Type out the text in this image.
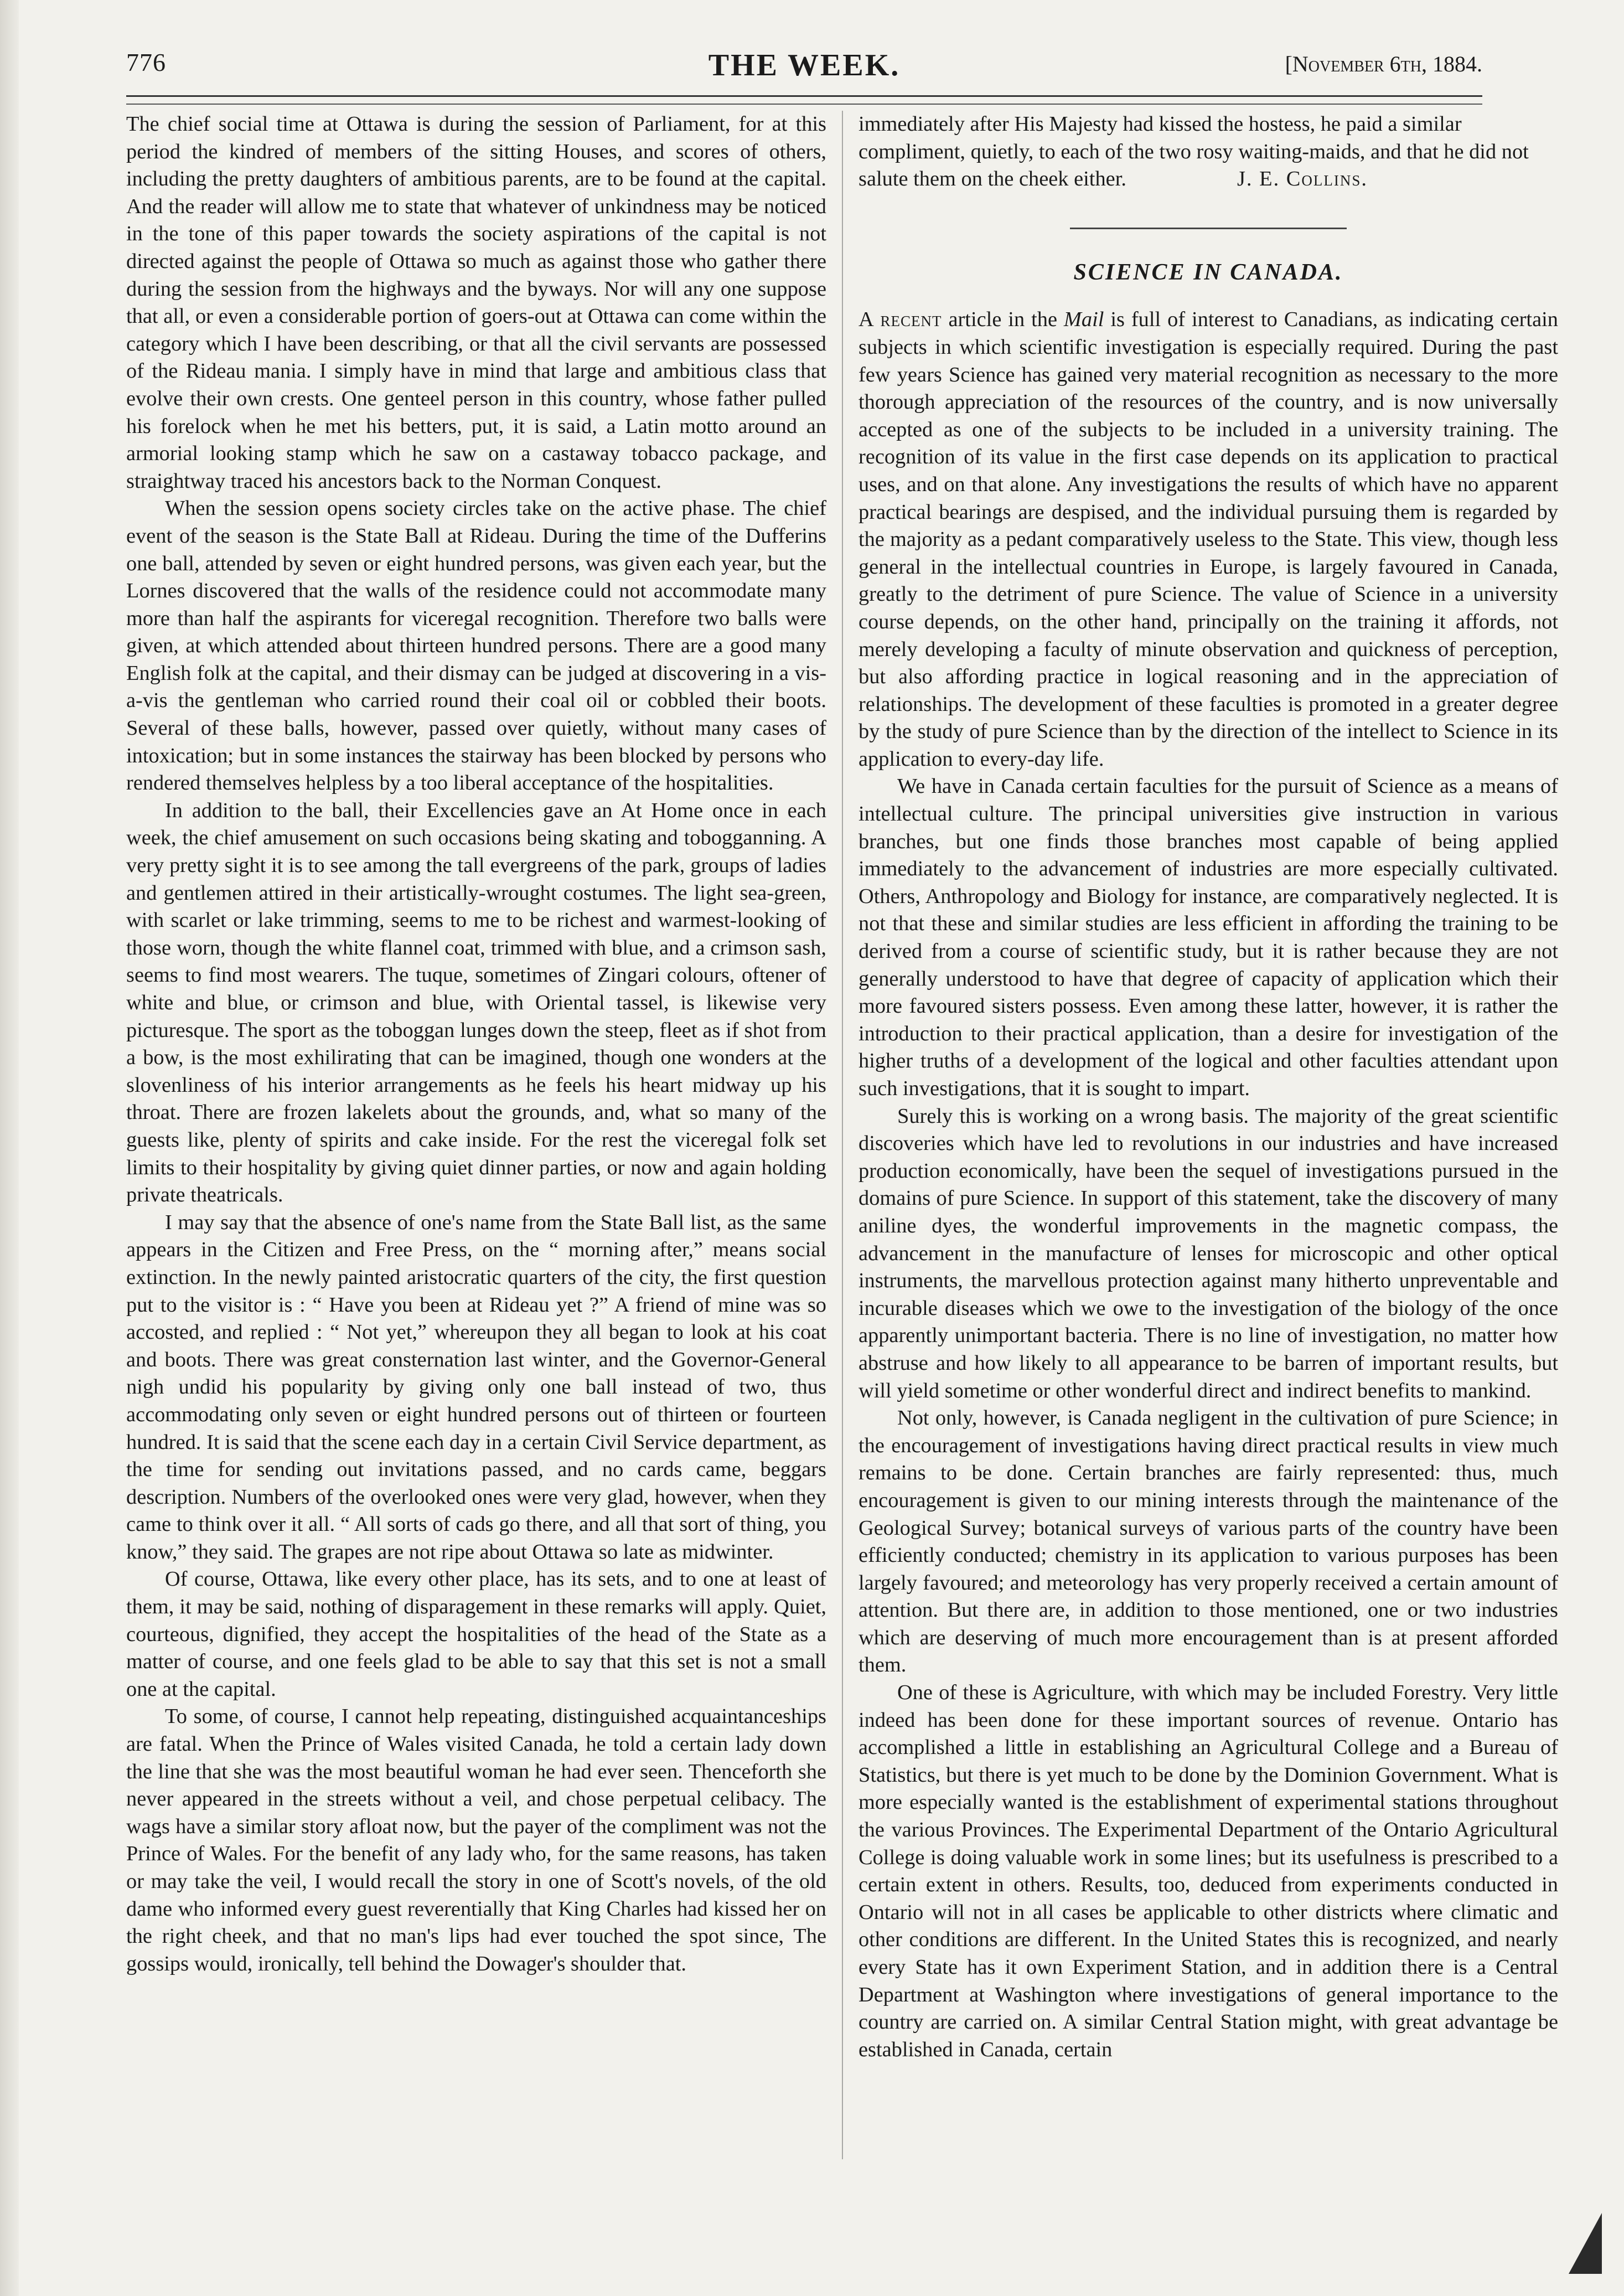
776	THE WEEK.	[November 6th, 1884.

The chief social time at Ottawa is during the session of Parliament, for at this period the kindred of members of the sitting Houses, and scores of others, including the pretty daughters of ambitious parents, are to be found at the capital. And the reader will allow me to state that whatever of unkindness may be noticed in the tone of this paper towards the society aspirations of the capital is not directed against the people of Ottawa so much as against those who gather there during the session from the highways and the byways. Nor will any one suppose that all, or even a considerable portion of goers-out at Ottawa can come within the category which I have been describing, or that all the civil servants are possessed of the Rideau mania. I simply have in mind that large and ambitious class that evolve their own crests. One genteel person in this country, whose father pulled his forelock when he met his betters, put, it is said, a Latin motto around an armorial looking stamp which he saw on a castaway tobacco package, and straightway traced his ancestors back to the Norman Conquest.

When the session opens society circles take on the active phase. The chief event of the season is the State Ball at Rideau. During the time of the Dufferins one ball, attended by seven or eight hundred persons, was given each year, but the Lornes discovered that the walls of the residence could not accommodate many more than half the aspirants for viceregal recognition. Therefore two balls were given, at which attended about thirteen hundred persons. There are a good many English folk at the capital, and their dismay can be judged at discovering in a vis-a-vis the gentleman who carried round their coal oil or cobbled their boots. Several of these balls, however, passed over quietly, without many cases of intoxication; but in some instances the stairway has been blocked by persons who rendered themselves helpless by a too liberal acceptance of the hospitalities.

In addition to the ball, their Excellencies gave an At Home once in each week, the chief amusement on such occasions being skating and tobogganning. A very pretty sight it is to see among the tall evergreens of the park, groups of ladies and gentlemen attired in their artistically-wrought costumes. The light sea-green, with scarlet or lake trimming, seems to me to be richest and warmest-looking of those worn, though the white flannel coat, trimmed with blue, and a crimson sash, seems to find most wearers. The tuque, sometimes of Zingari colours, oftener of white and blue, or crimson and blue, with Oriental tassel, is likewise very picturesque. The sport as the toboggan lunges down the steep, fleet as if shot from a bow, is the most exhilirating that can be imagined, though one wonders at the slovenliness of his interior arrangements as he feels his heart midway up his throat. There are frozen lakelets about the grounds, and, what so many of the guests like, plenty of spirits and cake inside. For the rest the viceregal folk set limits to their hospitality by giving quiet dinner parties, or now and again holding private theatricals.

I may say that the absence of one's name from the State Ball list, as the same appears in the Citizen and Free Press, on the “ morning after,” means social extinction. In the newly painted aristocratic quarters of the city, the first question put to the visitor is : “ Have you been at Rideau yet ?” A friend of mine was so accosted, and replied : “ Not yet,” whereupon they all began to look at his coat and boots. There was great consternation last winter, and the Governor-General nigh undid his popularity by giving only one ball instead of two, thus accommodating only seven or eight hundred persons out of thirteen or fourteen hundred. It is said that the scene each day in a certain Civil Service department, as the time for sending out invitations passed, and no cards came, beggars description. Numbers of the overlooked ones were very glad, however, when they came to think over it all. “ All sorts of cads go there, and all that sort of thing, you know,” they said. The grapes are not ripe about Ottawa so late as midwinter.

Of course, Ottawa, like every other place, has its sets, and to one at least of them, it may be said, nothing of disparagement in these remarks will apply. Quiet, courteous, dignified, they accept the hospitalities of the head of the State as a matter of course, and one feels glad to be able to say that this set is not a small one at the capital.

To some, of course, I cannot help repeating, distinguished acquaintanceships are fatal. When the Prince of Wales visited Canada, he told a certain lady down the line that she was the most beautiful woman he had ever seen. Thenceforth she never appeared in the streets without a veil, and chose perpetual celibacy. The wags have a similar story afloat now, but the payer of the compliment was not the Prince of Wales. For the benefit of any lady who, for the same reasons, has taken or may take the veil, I would recall the story in one of Scott's novels, of the old dame who informed every guest reverentially that King Charles had kissed her on the right cheek, and that no man's lips had ever touched the spot since, The gossips would, ironically, tell behind the Dowager's shoulder that.

immediately after His Majesty had kissed the hostess, he paid a similar compliment, quietly, to each of the two rosy waiting-maids, and that he did not salute them on the cheek either.	J. E. Collins.

SCIENCE IN CANADA.

A recent article in the Mail is full of interest to Canadians, as indicating certain subjects in which scientific investigation is especially required. During the past few years Science has gained very material recognition as necessary to the more thorough appreciation of the resources of the country, and is now universally accepted as one of the subjects to be included in a university training. The recognition of its value in the first case depends on its application to practical uses, and on that alone. Any investigations the results of which have no apparent practical bearings are despised, and the individual pursuing them is regarded by the majority as a pedant comparatively useless to the State. This view, though less general in the intellectual countries in Europe, is largely favoured in Canada, greatly to the detriment of pure Science. The value of Science in a university course depends, on the other hand, principally on the training it affords, not merely developing a faculty of minute observation and quickness of perception, but also affording practice in logical reasoning and in the appreciation of relationships. The development of these faculties is promoted in a greater degree by the study of pure Science than by the direction of the intellect to Science in its application to every-day life.

We have in Canada certain faculties for the pursuit of Science as a means of intellectual culture. The principal universities give instruction in various branches, but one finds those branches most capable of being applied immediately to the advancement of industries are more especially cultivated. Others, Anthropology and Biology for instance, are comparatively neglected. It is not that these and similar studies are less efficient in affording the training to be derived from a course of scientific study, but it is rather because they are not generally understood to have that degree of capacity of application which their more favoured sisters possess. Even among these latter, however, it is rather the introduction to their practical application, than a desire for investigation of the higher truths of a development of the logical and other faculties attendant upon such investigations, that it is sought to impart.

Surely this is working on a wrong basis. The majority of the great scientific discoveries which have led to revolutions in our industries and have increased production economically, have been the sequel of investigations pursued in the domains of pure Science. In support of this statement, take the discovery of many aniline dyes, the wonderful improvements in the magnetic compass, the advancement in the manufacture of lenses for microscopic and other optical instruments, the marvellous protection against many hitherto unpreventable and incurable diseases which we owe to the investigation of the biology of the once apparently unimportant bacteria. There is no line of investigation, no matter how abstruse and how likely to all appearance to be barren of important results, but will yield sometime or other wonderful direct and indirect benefits to mankind.

Not only, however, is Canada negligent in the cultivation of pure Science; in the encouragement of investigations having direct practical results in view much remains to be done. Certain branches are fairly represented: thus, much encouragement is given to our mining interests through the maintenance of the Geological Survey; botanical surveys of various parts of the country have been efficiently conducted; chemistry in its application to various purposes has been largely favoured; and meteorology has very properly received a certain amount of attention. But there are, in addition to those mentioned, one or two industries which are deserving of much more encouragement than is at present afforded them.

One of these is Agriculture, with which may be included Forestry. Very little indeed has been done for these important sources of revenue. Ontario has accomplished a little in establishing an Agricultural College and a Bureau of Statistics, but there is yet much to be done by the Dominion Government. What is more especially wanted is the establishment of experimental stations throughout the various Provinces. The Experimental Department of the Ontario Agricultural College is doing valuable work in some lines; but its usefulness is prescribed to a certain extent in others. Results, too, deduced from experiments conducted in Ontario will not in all cases be applicable to other districts where climatic and other conditions are different. In the United States this is recognized, and nearly every State has it own Experiment Station, and in addition there is a Central Department at Washington where investigations of general importance to the country are carried on. A similar Central Station might, with great advantage be established in Canada, certain
